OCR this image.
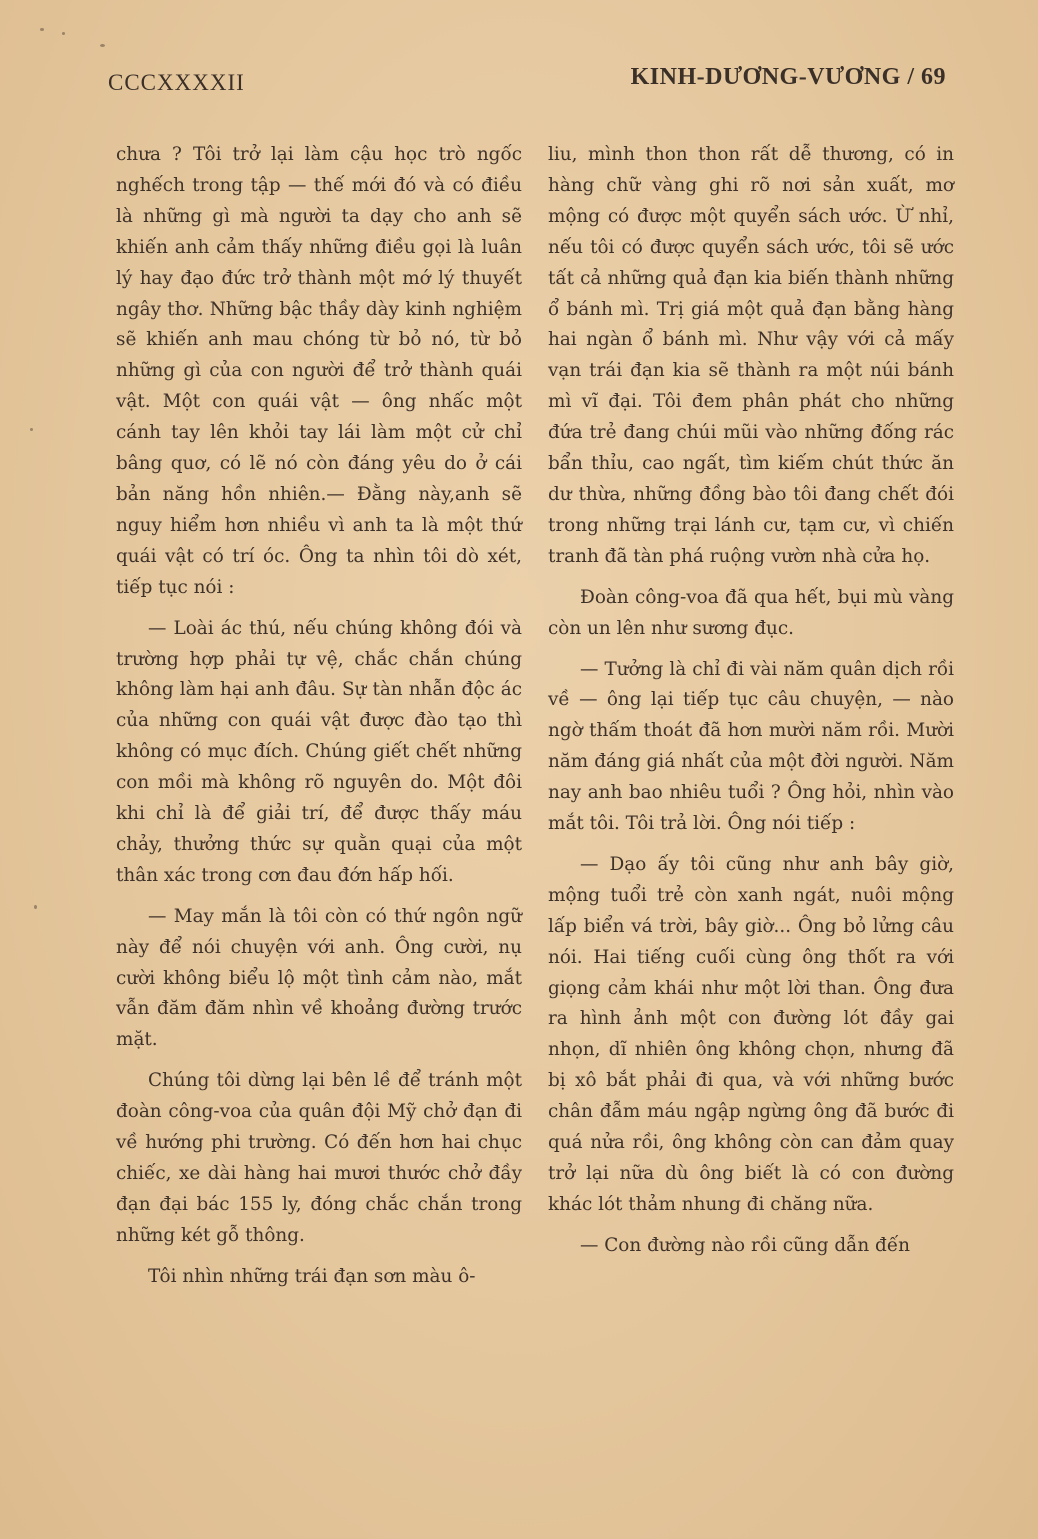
CCCXXXXII	KINH-DƯƠNG-VƯƠNG / 69

chưa ? Tôi trở lại làm cậu học trò ngốc nghếch trong tập — thế mới đó và có điều là những gì mà người ta dạy cho anh sẽ khiến anh cảm thấy những điều gọi là luân lý hay đạo đức trở thành một mớ lý thuyết ngây thơ. Những bậc thầy dày kinh nghiệm sẽ khiến anh mau chóng từ bỏ nó, từ bỏ những gì của con người để trở thành quái vật. Một con quái vật — ông nhấc một cánh tay lên khỏi tay lái làm một cử chỉ bâng quơ, có lẽ nó còn đáng yêu do ở cái bản năng hồn nhiên.— Đằng này,anh sẽ nguy hiểm hơn nhiều vì anh ta là một thứ quái vật có trí óc. Ông ta nhìn tôi dò xét, tiếp tục nói :

— Loài ác thú, nếu chúng không đói và trường hợp phải tự vệ, chắc chắn chúng không làm hại anh đâu. Sự tàn nhẫn độc ác của những con quái vật được đào tạo thì không có mục đích. Chúng giết chết những con mồi mà không rõ nguyên do. Một đôi khi chỉ là để giải trí, để được thấy máu chảy, thưởng thức sự quằn quại của một thân xác trong cơn đau đớn hấp hối.

— May mắn là tôi còn có thứ ngôn ngữ này để nói chuyện với anh. Ông cười, nụ cười không biểu lộ một tình cảm nào, mắt vẫn đăm đăm nhìn về khoảng đường trước mặt.

Chúng tôi dừng lại bên lề để tránh một đoàn công-voa của quân đội Mỹ chở đạn đi về hướng phi trường. Có đến hơn hai chục chiếc, xe dài hàng hai mươi thước chở đầy đạn đại bác 155 ly, đóng chắc chắn trong những két gỗ thông.

Tôi nhìn những trái đạn sơn màu ô-

liu, mình thon thon rất dễ thương, có in hàng chữ vàng ghi rõ nơi sản xuất, mơ mộng có được một quyển sách ước. Ừ nhỉ, nếu tôi có được quyển sách ước, tôi sẽ ước tất cả những quả đạn kia biến thành những ổ bánh mì. Trị giá một quả đạn bằng hàng hai ngàn ổ bánh mì. Như vậy với cả mấy vạn trái đạn kia sẽ thành ra một núi bánh mì vĩ đại. Tôi đem phân phát cho những đứa trẻ đang chúi mũi vào những đống rác bẩn thỉu, cao ngất, tìm kiếm chút thức ăn dư thừa, những đồng bào tôi đang chết đói trong những trại lánh cư, tạm cư, vì chiến tranh đã tàn phá ruộng vườn nhà cửa họ.

Đoàn công-voa đã qua hết, bụi mù vàng còn un lên như sương đục.

— Tưởng là chỉ đi vài năm quân dịch rồi về — ông lại tiếp tục câu chuyện, — nào ngờ thấm thoát đã hơn mười năm rồi. Mười năm đáng giá nhất của một đời người. Năm nay anh bao nhiêu tuổi ? Ông hỏi, nhìn vào mắt tôi. Tôi trả lời. Ông nói tiếp :

— Dạo ấy tôi cũng như anh bây giờ, mộng tuổi trẻ còn xanh ngát, nuôi mộng lấp biển vá trời, bây giờ... Ông bỏ lửng câu nói. Hai tiếng cuối cùng ông thốt ra với giọng cảm khái như một lời than. Ông đưa ra hình ảnh một con đường lót đầy gai nhọn, dĩ nhiên ông không chọn, nhưng đã bị xô bắt phải đi qua, và với những bước chân đẫm máu ngập ngừng ông đã bước đi quá nửa rồi, ông không còn can đảm quay trở lại nữa dù ông biết là có con đường khác lót thảm nhung đi chăng nữa.

— Con đường nào rồi cũng dẫn đến
